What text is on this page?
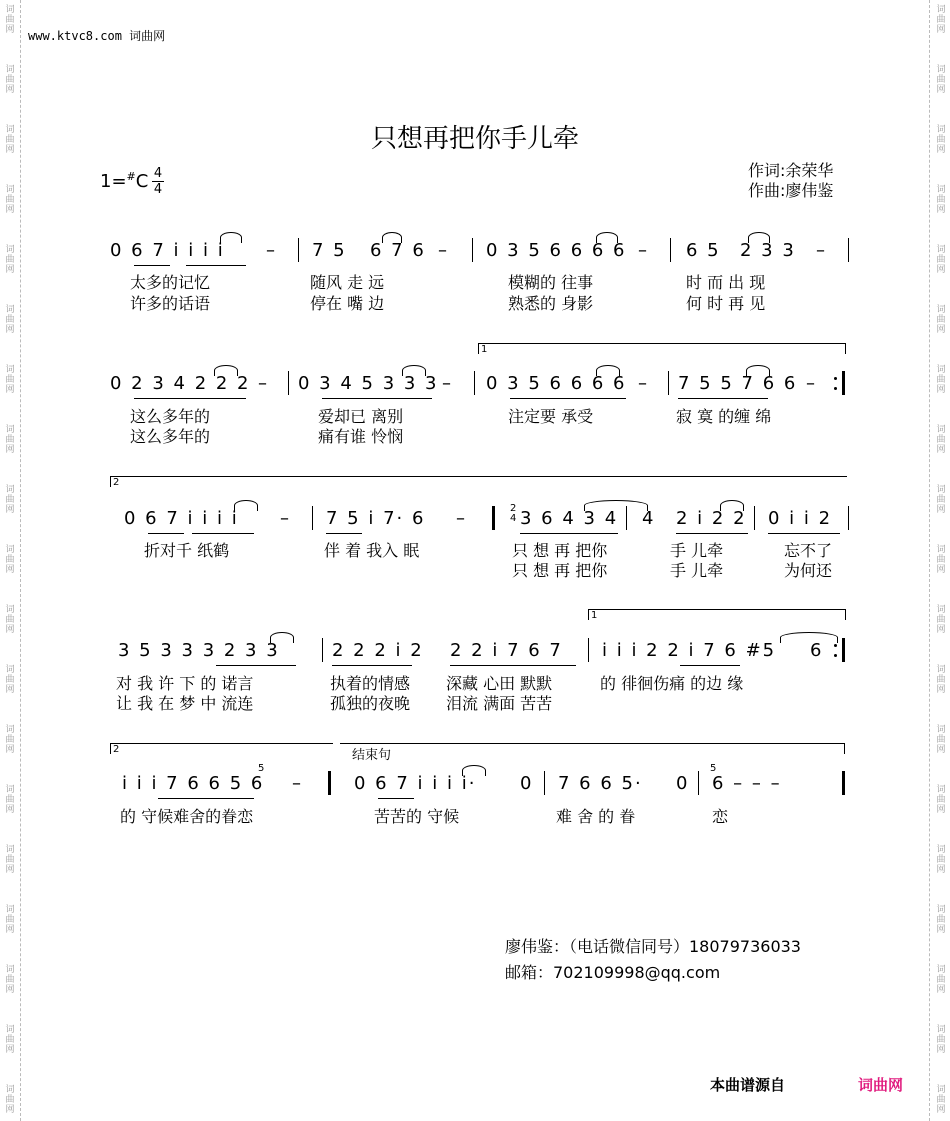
词
曲
网
词
曲
网
词
曲
网
词
曲
网
词
曲
网
词
曲
网
词
曲
网
词
曲
网
词
曲
网
词
曲
网
词
曲
网
词
曲
网
词
曲
网
词
曲
网
词
曲
网
词
曲
网
词
曲
网
词
曲
网
词
曲
网
词
曲
网
词
曲
网
词
曲
网
词
曲
网
词
曲
网
词
曲
网
词
曲
网
词
曲
网
词
曲
网
词
曲
网
词
曲
网
词
曲
网
词
曲
网
词
曲
网
词
曲
网
词
曲
网
词
曲
网
词
曲
网
词
曲
网
www.ktvc8.com 词曲网
只想再把你手儿牵
1=#C 4
4
作词:余荣华
作曲:廖伟鉴
0 6 7 i i i i – 7 5 6 7 6 – 0 3 5 6 6 6 6 – 6 5 2 3 3 –
太多的记忆	随风 走 远	模糊的 往事	时 而 出 现
许多的话语	停在 嘴 边	熟悉的 身影	何 时 再 见
1
0 2 3 4 2 2 2 – 0 3 4 5 3 3 3 – 0 3 5 6 6 6 6 – 7 5 5 7 6 6 –
这么多年的	爱却已 离别	注定要 承受	寂 寞 的缠 绵
这么多年的	痛有谁 怜悯
2
0 6 7 i i i i – 7 5 i 7· 6 –	2
4 3 6 4 3 4 4 2 i 2 2 0 i i 2
折对千 纸鹤	伴 着 我入 眠	只 想 再 把你	手 儿牵	忘不了
只 想 再 把你	手 儿牵	为何还
1
3 5 3 3 3 2 3 3	2 2 2 i 2 2 2 i 7 6 7 i i i 2 2 i 7 6 #5 6
对 我 许 下 的 诺言	执着的情感 深藏 心田 默默	的 徘徊伤痛 的边 缘
让 我 在 梦 中 流连	孤独的夜晚 泪流 满面 苦苦
2	结束句
i i i 7 6 6 5 6
5
–	0 6 7 i i i i· 0 7 6 6 5· 0
5
6 – – –
的 守候难舍的眷恋	苦苦的 守候	难 舍 的 眷	恋
廖伟鉴：（电话微信同号）18079736033
邮箱：702109998@qq.com
本曲谱源自	词曲网
